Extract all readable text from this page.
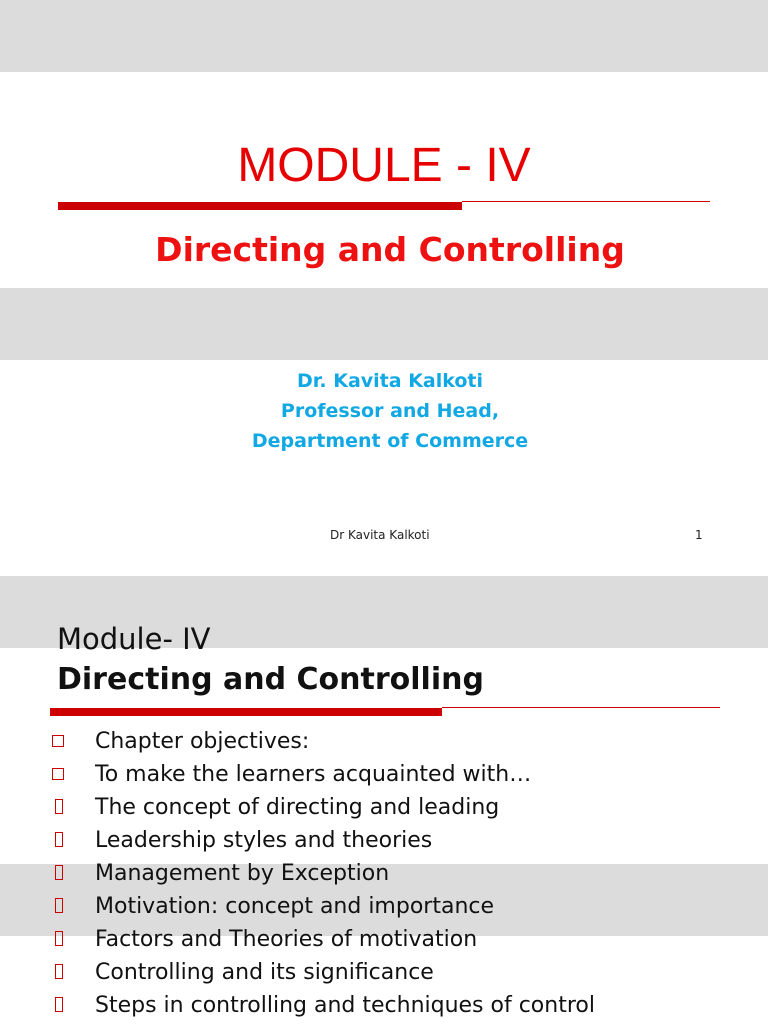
MODULE - IV
Directing and Controlling
Dr. Kavita Kalkoti
Professor and Head,
Department of Commerce
Dr Kavita Kalkoti	1
Module- IV
Directing and Controlling
Chapter objectives:
To make the learners acquainted with…
The concept of directing and leading
Leadership styles and theories
Management by Exception
Motivation: concept and importance
Factors and Theories of motivation
Controlling and its significance
Steps in controlling and techniques of control
